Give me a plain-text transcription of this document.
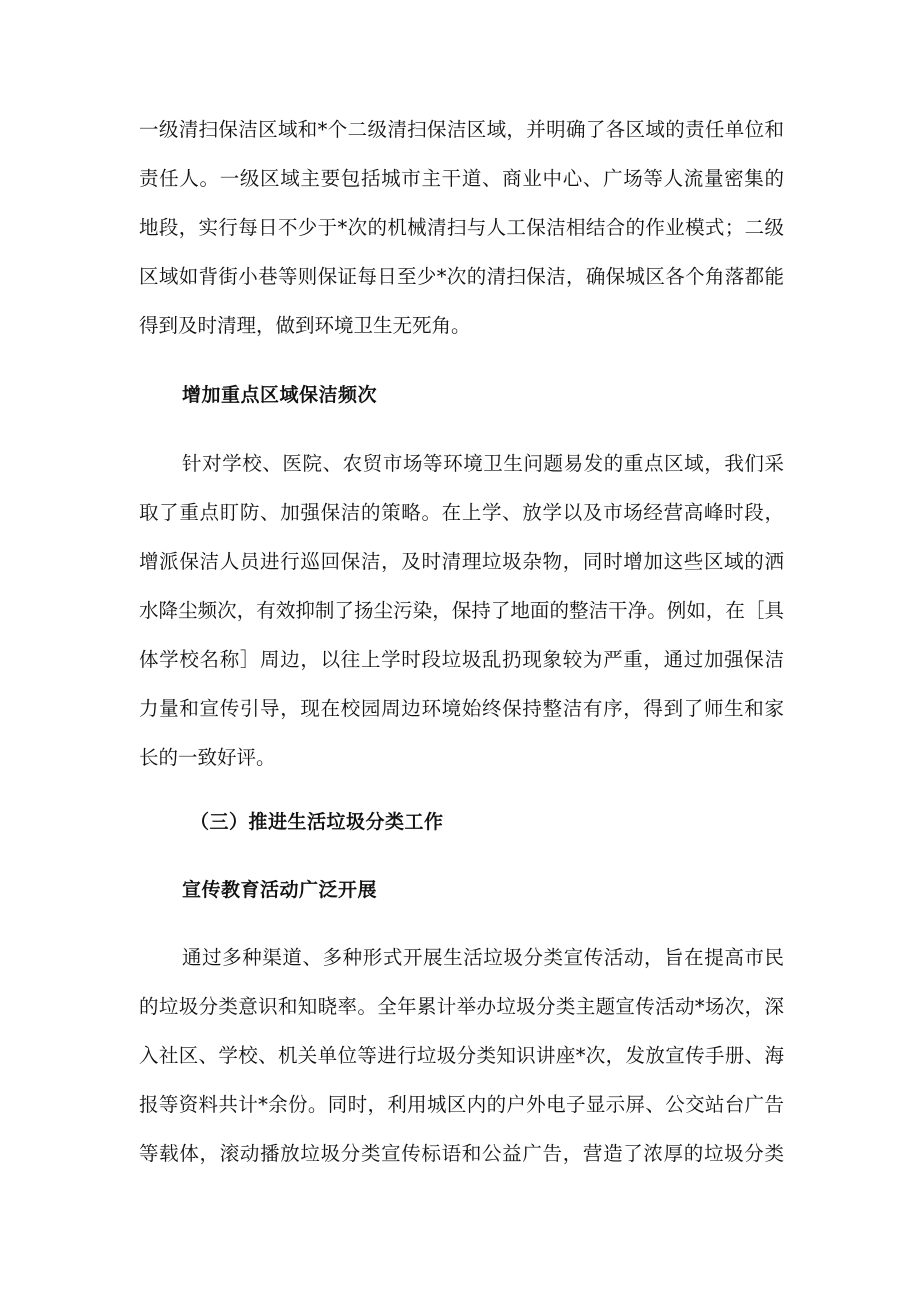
一级清扫保洁区域和*个二级清扫保洁区域，并明确了各区域的责任单位和
责任人。一级区域主要包括城市主干道、商业中心、广场等人流量密集的
地段，实行每日不少于*次的机械清扫与人工保洁相结合的作业模式；二级
区域如背街小巷等则保证每日至少*次的清扫保洁，确保城区各个角落都能
得到及时清理，做到环境卫生无死角。
增加重点区域保洁频次
针对学校、医院、农贸市场等环境卫生问题易发的重点区域，我们采
取了重点盯防、加强保洁的策略。在上学、放学以及市场经营高峰时段，
增派保洁人员进行巡回保洁，及时清理垃圾杂物，同时增加这些区域的洒
水降尘频次，有效抑制了扬尘污染，保持了地面的整洁干净。例如，在［具
体学校名称］周边，以往上学时段垃圾乱扔现象较为严重，通过加强保洁
力量和宣传引导，现在校园周边环境始终保持整洁有序，得到了师生和家
长的一致好评。
（三）推进生活垃圾分类工作
宣传教育活动广泛开展
通过多种渠道、多种形式开展生活垃圾分类宣传活动，旨在提高市民
的垃圾分类意识和知晓率。全年累计举办垃圾分类主题宣传活动*场次，深
入社区、学校、机关单位等进行垃圾分类知识讲座*次，发放宣传手册、海
报等资料共计*余份。同时，利用城区内的户外电子显示屏、公交站台广告
等载体，滚动播放垃圾分类宣传标语和公益广告，营造了浓厚的垃圾分类
